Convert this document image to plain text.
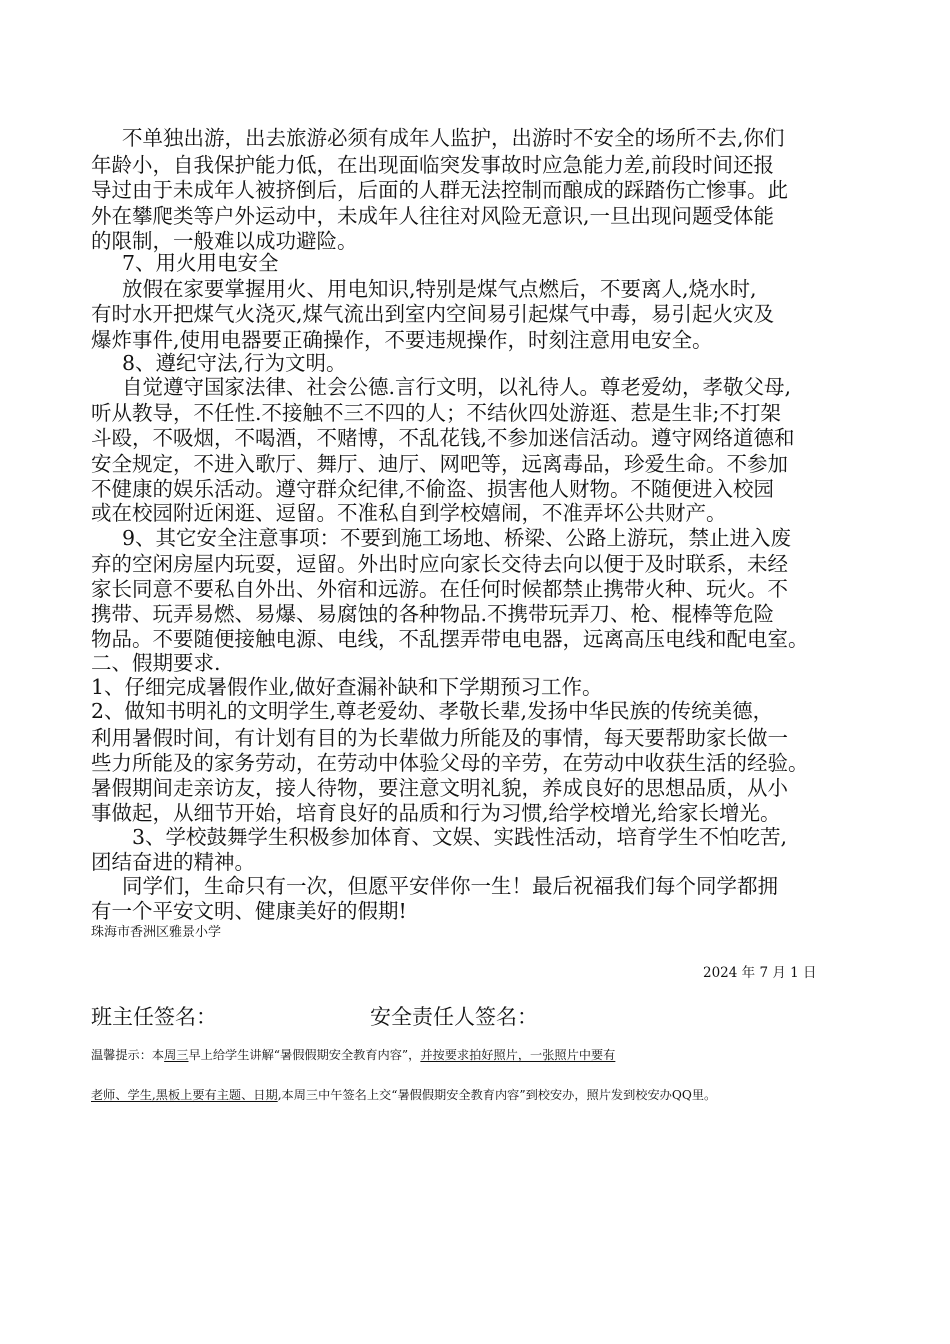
不单独出游，出去旅游必须有成年人监护，出游时不安全的场所不去,你们
年龄小，自我保护能力低，在出现面临突发事故时应急能力差,前段时间还报
导过由于未成年人被挤倒后，后面的人群无法控制而酿成的踩踏伤亡惨事。此
外在攀爬类等户外运动中，未成年人往往对风险无意识,一旦出现问题受体能
的限制，一般难以成功避险。
7、用火用电安全
放假在家要掌握用火、用电知识,特别是煤气点燃后，不要离人,烧水时,
有时水开把煤气火浇灭,煤气流出到室内空间易引起煤气中毒，易引起火灾及
爆炸事件,使用电器要正确操作，不要违规操作，时刻注意用电安全。
8、遵纪守法,行为文明。
自觉遵守国家法律、社会公德.言行文明，以礼待人。尊老爱幼，孝敬父母,
听从教导，不任性.不接触不三不四的人；不结伙四处游逛、惹是生非;不打架
斗殴，不吸烟，不喝酒，不赌博，不乱花钱,不参加迷信活动。遵守网络道德和
安全规定，不进入歌厅、舞厅、迪厅、网吧等，远离毒品，珍爱生命。不参加
不健康的娱乐活动。遵守群众纪律,不偷盗、损害他人财物。不随便进入校园
或在校园附近闲逛、逗留。不准私自到学校嬉闹，不准弄坏公共财产。
9、其它安全注意事项：不要到施工场地、桥梁、公路上游玩，禁止进入废
弃的空闲房屋内玩耍，逗留。外出时应向家长交待去向以便于及时联系，未经
家长同意不要私自外出、外宿和远游。在任何时候都禁止携带火种、玩火。不
携带、玩弄易燃、易爆、易腐蚀的各种物品.不携带玩弄刀、枪、棍棒等危险
物品。不要随便接触电源、电线，不乱摆弄带电电器，远离高压电线和配电室。
二、假期要求.
1、仔细完成暑假作业,做好查漏补缺和下学期预习工作。
2、做知书明礼的文明学生,尊老爱幼、孝敬长辈,发扬中华民族的传统美德，
利用暑假时间，有计划有目的为长辈做力所能及的事情，每天要帮助家长做一
些力所能及的家务劳动，在劳动中体验父母的辛劳，在劳动中收获生活的经验。
暑假期间走亲访友，接人待物，要注意文明礼貌，养成良好的思想品质，从小
事做起，从细节开始，培育良好的品质和行为习惯,给学校增光,给家长增光。
3、学校鼓舞学生积极参加体育、文娱、实践性活动，培育学生不怕吃苦,
团结奋进的精神。
同学们，生命只有一次，但愿平安伴你一生！最后祝福我们每个同学都拥
有一个平安文明、健康美好的假期!
珠海市香洲区雅景小学
2024 年 7 月 1 日
班主任签名：	安全责任人签名：
温馨提示：本周三早上给学生讲解“暑假假期安全教育内容”，并按要求拍好照片，一张照片中要有
老师、学生,黑板上要有主题、日期,本周三中午签名上交“暑假假期安全教育内容”到校安办，照片发到校安办QQ里。
